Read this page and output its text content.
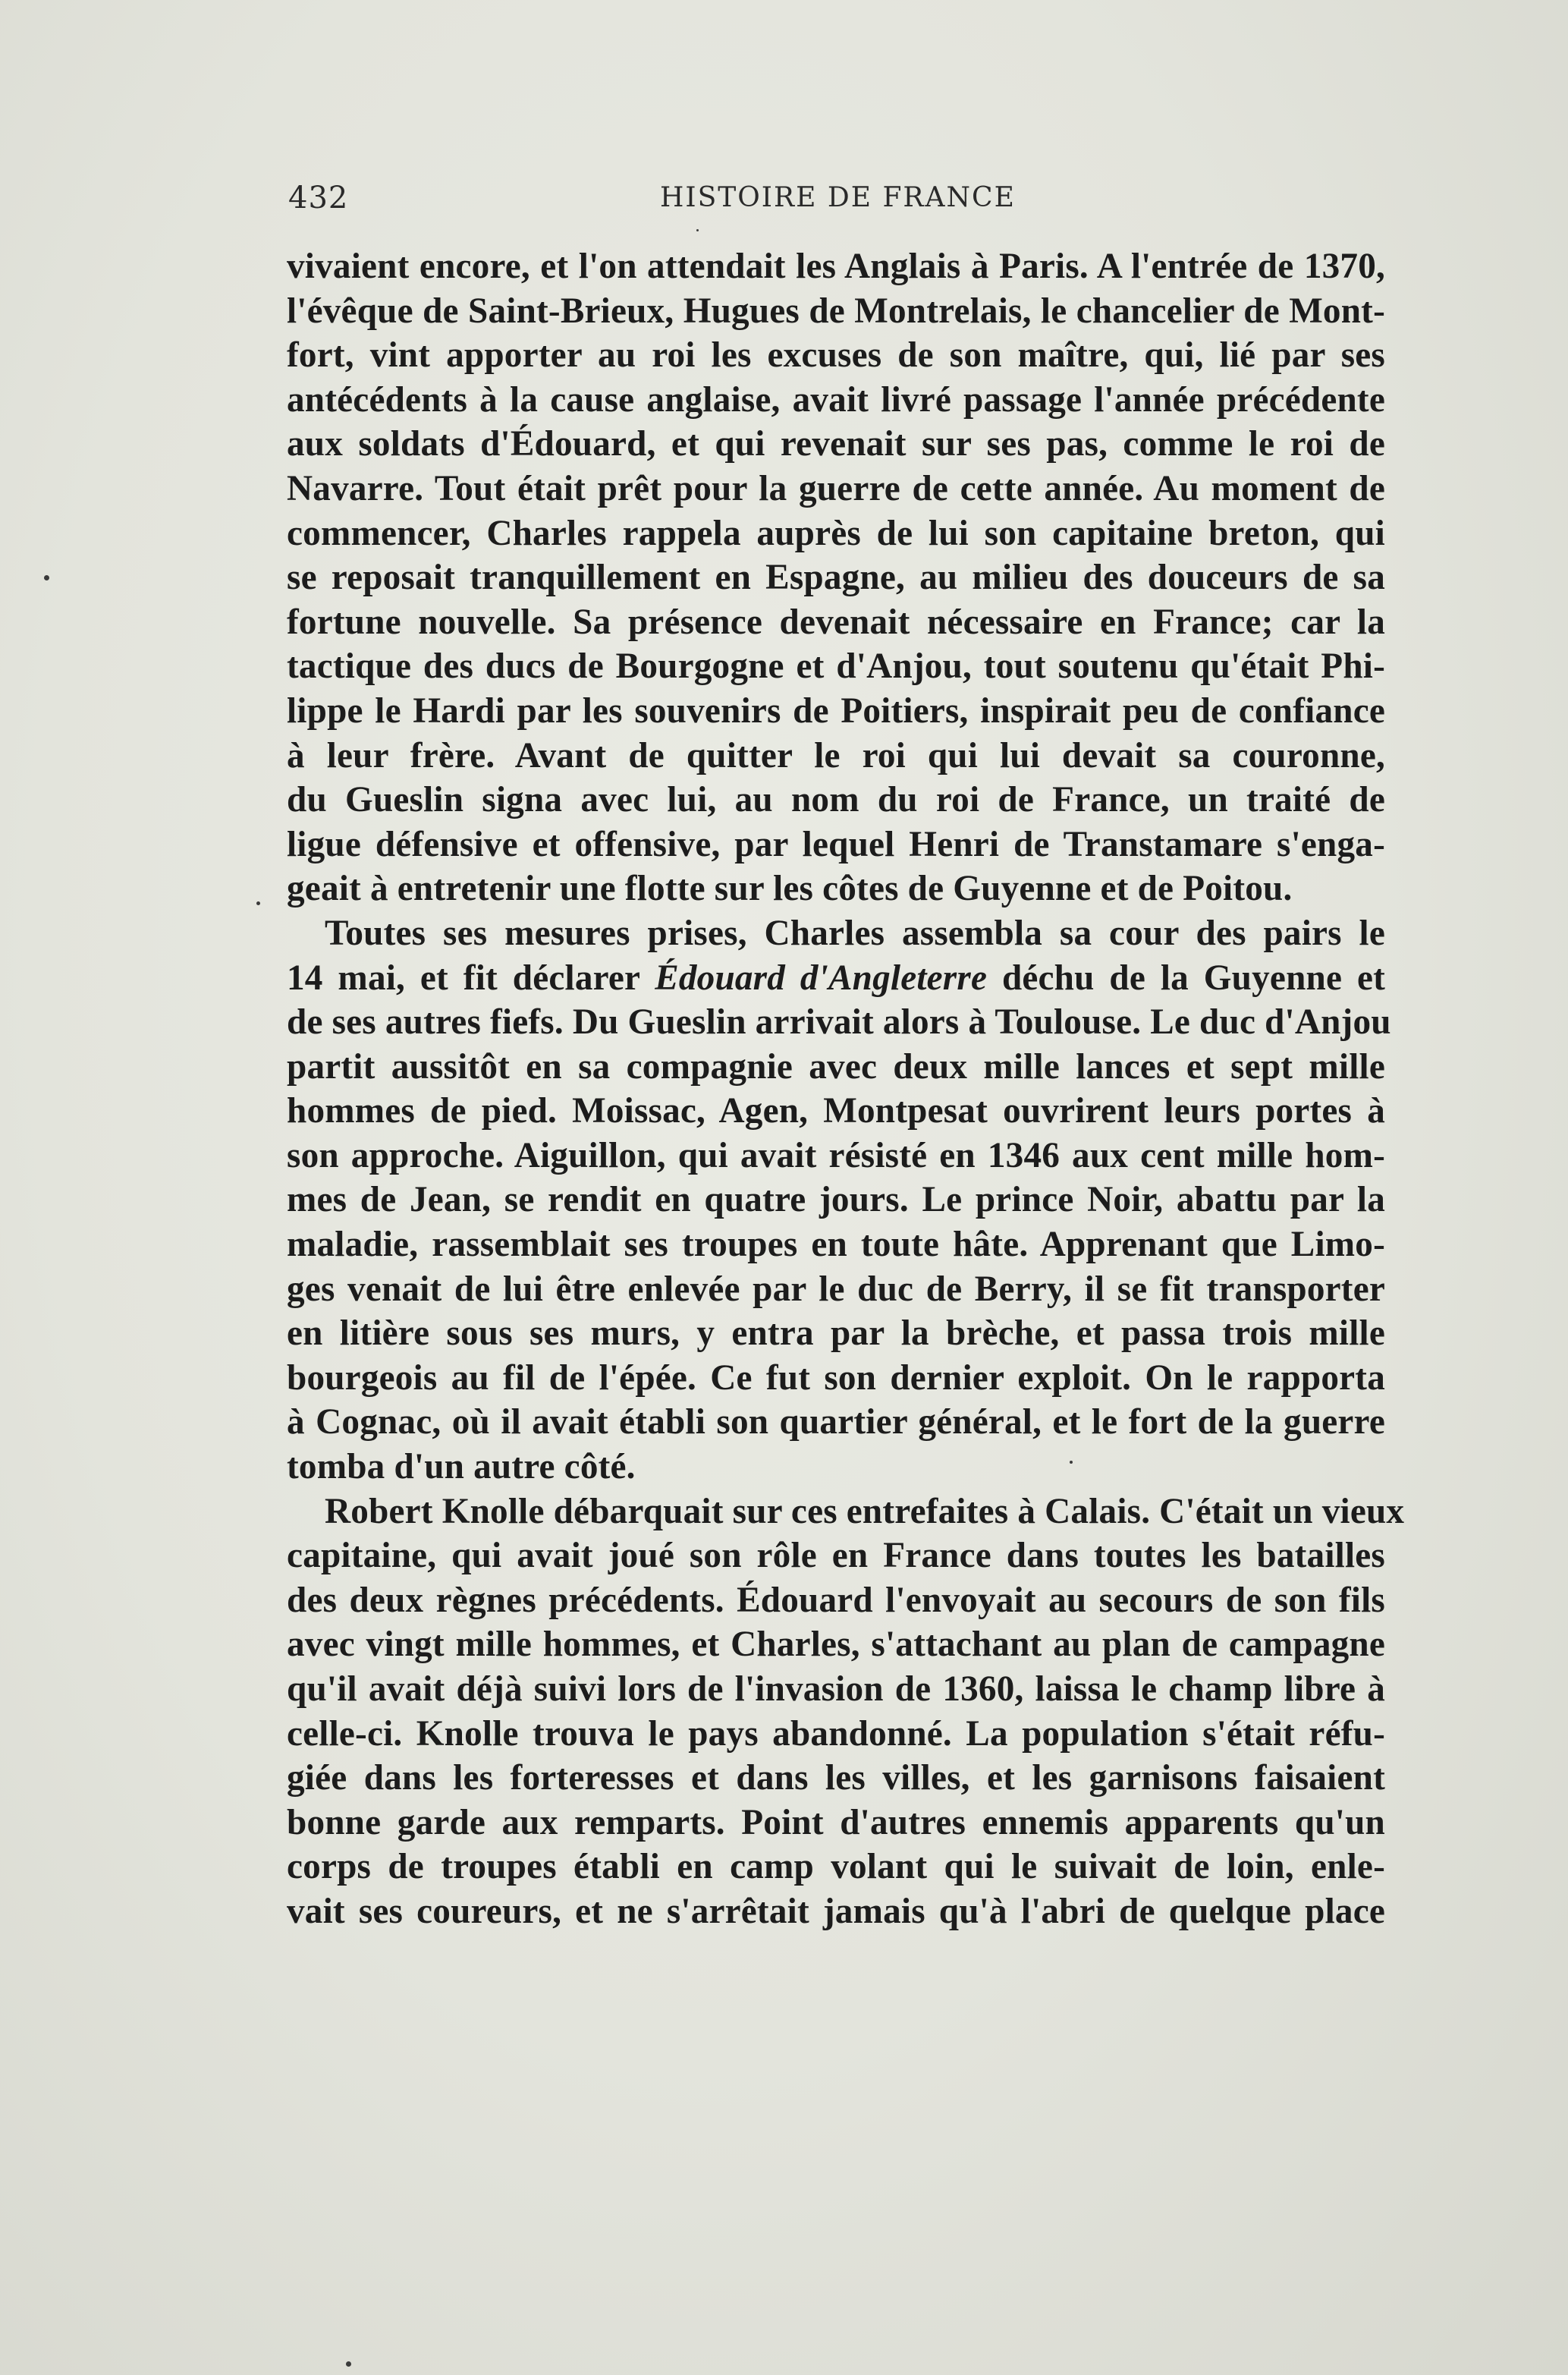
432	HISTOIRE DE FRANCE
vivaient encore, et l'on attendait les Anglais à Paris. A l'entrée de 1370,
l'évêque de Saint-Brieux, Hugues de Montrelais, le chancelier de Mont-
fort, vint apporter au roi les excuses de son maître, qui, lié par ses
antécédents à la cause anglaise, avait livré passage l'année précédente
aux soldats d'Édouard, et qui revenait sur ses pas, comme le roi de
Navarre. Tout était prêt pour la guerre de cette année. Au moment de
commencer, Charles rappela auprès de lui son capitaine breton, qui
se reposait tranquillement en Espagne, au milieu des douceurs de sa
fortune nouvelle. Sa présence devenait nécessaire en France; car la
tactique des ducs de Bourgogne et d'Anjou, tout soutenu qu'était Phi-
lippe le Hardi par les souvenirs de Poitiers, inspirait peu de confiance
à leur frère. Avant de quitter le roi qui lui devait sa couronne,
du Gueslin signa avec lui, au nom du roi de France, un traité de
ligue défensive et offensive, par lequel Henri de Transtamare s'enga-
geait à entretenir une flotte sur les côtes de Guyenne et de Poitou.
Toutes ses mesures prises, Charles assembla sa cour des pairs le
14 mai, et fit déclarer Édouard d'Angleterre déchu de la Guyenne et
de ses autres fiefs. Du Gueslin arrivait alors à Toulouse. Le duc d'Anjou
partit aussitôt en sa compagnie avec deux mille lances et sept mille
hommes de pied. Moissac, Agen, Montpesat ouvrirent leurs portes à
son approche. Aiguillon, qui avait résisté en 1346 aux cent mille hom-
mes de Jean, se rendit en quatre jours. Le prince Noir, abattu par la
maladie, rassemblait ses troupes en toute hâte. Apprenant que Limo-
ges venait de lui être enlevée par le duc de Berry, il se fit transporter
en litière sous ses murs, y entra par la brèche, et passa trois mille
bourgeois au fil de l'épée. Ce fut son dernier exploit. On le rapporta
à Cognac, où il avait établi son quartier général, et le fort de la guerre
tomba d'un autre côté.
Robert Knolle débarquait sur ces entrefaites à Calais. C'était un vieux
capitaine, qui avait joué son rôle en France dans toutes les batailles
des deux règnes précédents. Édouard l'envoyait au secours de son fils
avec vingt mille hommes, et Charles, s'attachant au plan de campagne
qu'il avait déjà suivi lors de l'invasion de 1360, laissa le champ libre à
celle-ci. Knolle trouva le pays abandonné. La population s'était réfu-
giée dans les forteresses et dans les villes, et les garnisons faisaient
bonne garde aux remparts. Point d'autres ennemis apparents qu'un
corps de troupes établi en camp volant qui le suivait de loin, enle-
vait ses coureurs, et ne s'arrêtait jamais qu'à l'abri de quelque place
